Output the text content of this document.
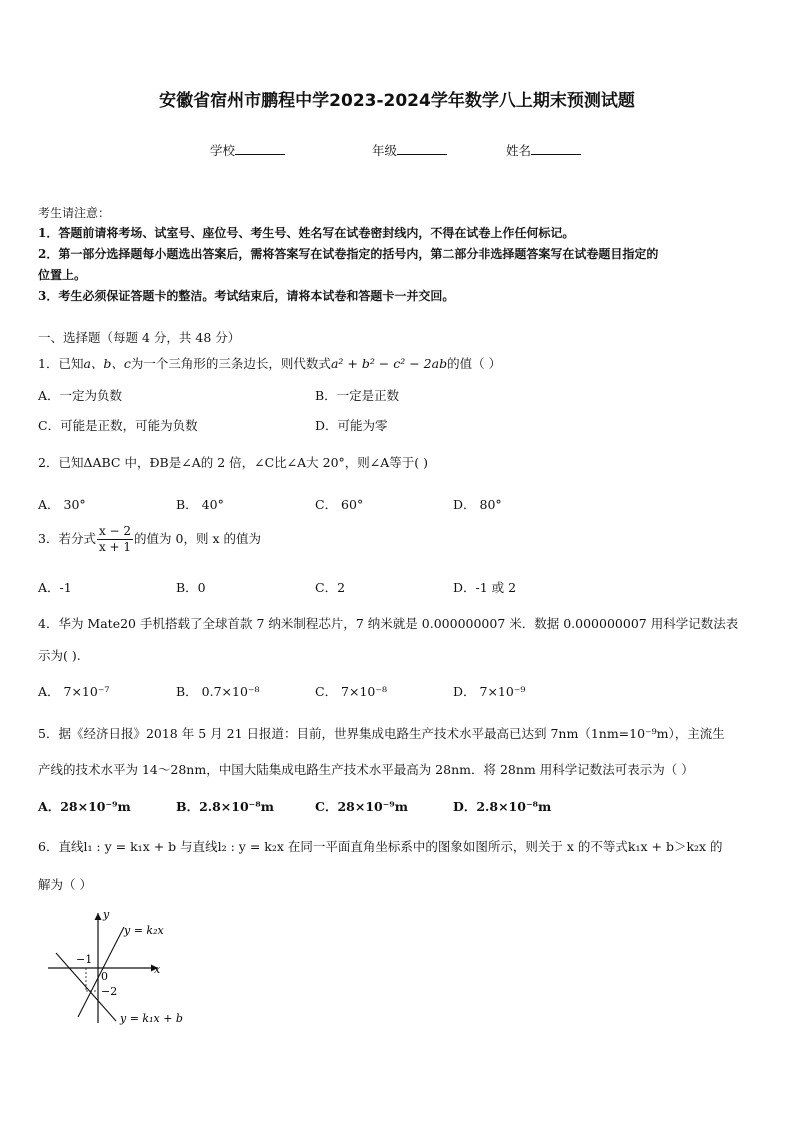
安徽省宿州市鹏程中学2023-2024学年数学八上期末预测试题
学校	年级	姓名
考生请注意：
1．答题前请将考场、试室号、座位号、考生号、姓名写在试卷密封线内，不得在试卷上作任何标记。
2．第一部分选择题每小题选出答案后，需将答案写在试卷指定的括号内，第二部分非选择题答案写在试卷题目指定的
位置上。
3．考生必须保证答题卡的整洁。考试结束后，请将本试卷和答题卡一并交回。
一、选择题（每题 4 分，共 48 分）
1．已知a、b、c为一个三角形的三条边长，则代数式a² + b² − c² − 2ab的值（ ）
A．一定为负数	B．一定是正数
C．可能是正数，可能为负数	D．可能为零
2．已知ΔABC 中，ÐB是∠A的 2 倍，∠C比∠A大 20°，则∠A等于( )
A． 30°	B． 40°	C． 60°	D． 80°
3．若分式 $\frac{x - 2}{x + 1}$ 的值为 0，则 x 的值为
A．-1	B．0	C．2	D．-1 或 2
4．华为 Mate20 手机搭载了全球首款 7 纳米制程芯片，7 纳米就是 0.000000007 米．数据 0.000000007 用科学记数法表
示为( ).
A． 7×10⁻⁷	B． 0.7×10⁻⁸	C． 7×10⁻⁸	D． 7×10⁻⁹
5．据《经济日报》2018 年 5 月 21 日报道：目前，世界集成电路生产技术水平最高已达到 7nm（1nm=10⁻⁹m），主流生
产线的技术水平为 14～28nm，中国大陆集成电路生产技术水平最高为 28nm．将 28nm 用科学记数法可表示为（ ）
A．28×10⁻⁹m	B．2.8×10⁻⁸m	C．28×10⁻⁹m	D．2.8×10⁻⁸m
6．直线l₁ : y = k₁x + b 与直线l₂ : y = k₂x 在同一平面直角坐标系中的图象如图所示，则关于 x 的不等式k₁x + b＞k₂x 的
解为（ ）
y
x
0
−1
−2
y = k₂x
y = k₁x + b
